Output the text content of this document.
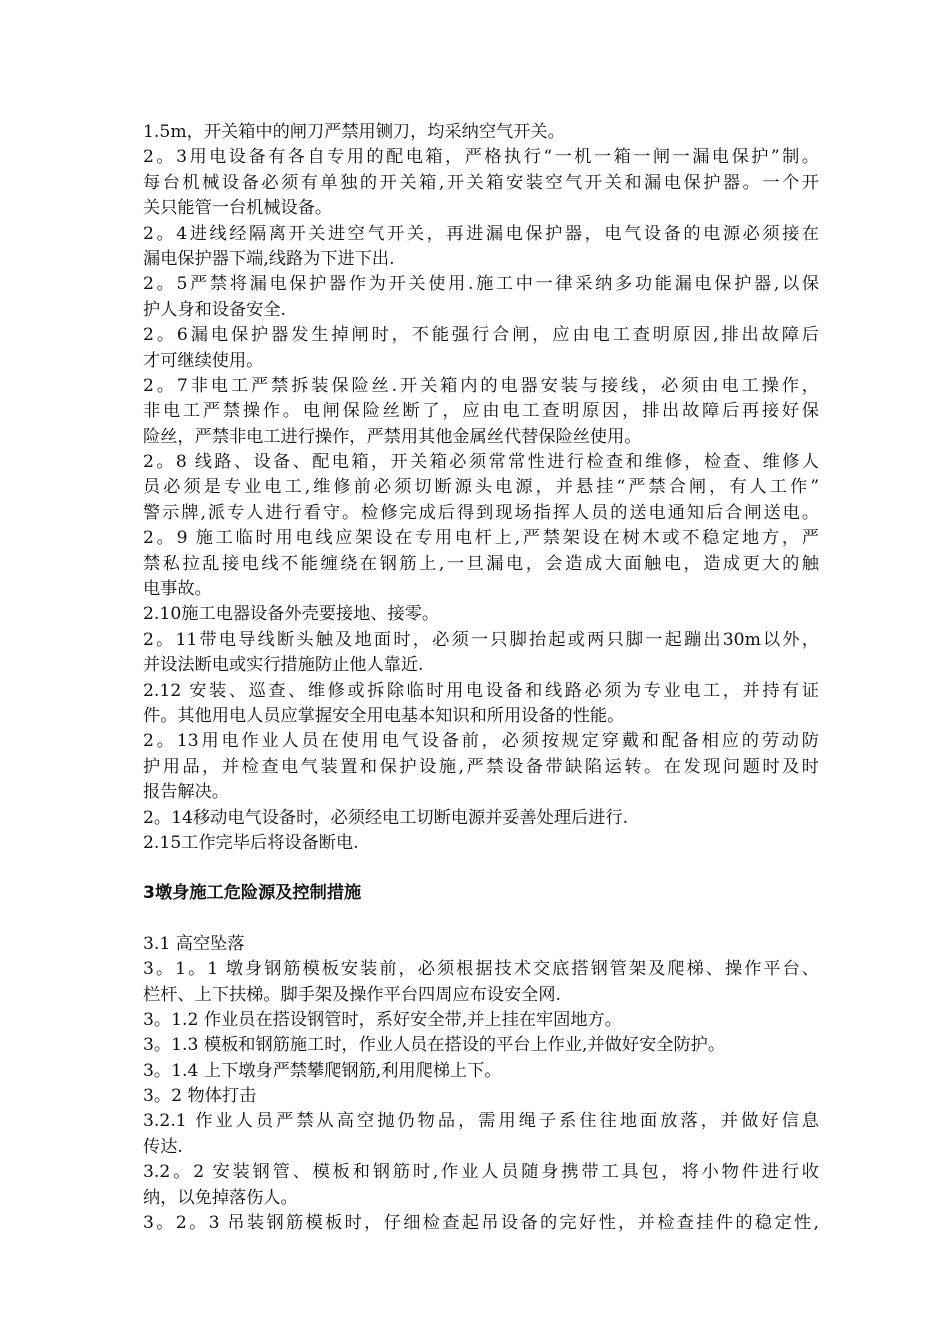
1.5m，开关箱中的闸刀严禁用铡刀，均采纳空气开关。
2。3用电设备有各自专用的配电箱，严格执行“一机一箱一闸一漏电保护”制。
每台机械设备必须有单独的开关箱,开关箱安装空气开关和漏电保护器。一个开
关只能管一台机械设备。
2。4进线经隔离开关进空气开关，再进漏电保护器，电气设备的电源必须接在
漏电保护器下端,线路为下进下出.
2。5严禁将漏电保护器作为开关使用.施工中一律采纳多功能漏电保护器,以保
护人身和设备安全.
2。6漏电保护器发生掉闸时，不能强行合闸，应由电工查明原因,排出故障后
才可继续使用。
2。7非电工严禁拆装保险丝.开关箱内的电器安装与接线，必须由电工操作，
非电工严禁操作。电闸保险丝断了，应由电工查明原因，排出故障后再接好保
险丝，严禁非电工进行操作，严禁用其他金属丝代替保险丝使用。
2。8 线路、设备、配电箱，开关箱必须常常性进行检查和维修，检查、维修人
员必须是专业电工,维修前必须切断源头电源，并悬挂“严禁合闸，有人工作”
警示牌,派专人进行看守。检修完成后得到现场指挥人员的送电通知后合闸送电。
2。9 施工临时用电线应架设在专用电杆上,严禁架设在树木或不稳定地方，严
禁私拉乱接电线不能缠绕在钢筋上,一旦漏电，会造成大面触电，造成更大的触
电事故。
2.10施工电器设备外壳要接地、接零。
2。11带电导线断头触及地面时，必须一只脚抬起或两只脚一起蹦出30m以外，
并设法断电或实行措施防止他人靠近.
2.12 安装、巡查、维修或拆除临时用电设备和线路必须为专业电工，并持有证
件。其他用电人员应掌握安全用电基本知识和所用设备的性能。
2。13用电作业人员在使用电气设备前，必须按规定穿戴和配备相应的劳动防
护用品，并检查电气装置和保护设施,严禁设备带缺陷运转。在发现问题时及时
报告解决。
2。14移动电气设备时，必须经电工切断电源并妥善处理后进行.
2.15工作完毕后将设备断电.
3墩身施工危险源及控制措施
3.1 高空坠落
3。1。1 墩身钢筋模板安装前，必须根据技术交底搭钢管架及爬梯、操作平台、
栏杆、上下扶梯。脚手架及操作平台四周应布设安全网.
3。1.2 作业员在搭设钢管时，系好安全带,并上挂在牢固地方。
3。1.3 模板和钢筋施工时，作业人员在搭设的平台上作业,并做好安全防护。
3。1.4 上下墩身严禁攀爬钢筋,利用爬梯上下。
3。2 物体打击
3.2.1 作业人员严禁从高空抛仍物品，需用绳子系住往地面放落，并做好信息
传达.
3.2。2 安装钢管、模板和钢筋时,作业人员随身携带工具包，将小物件进行收
纳，以免掉落伤人。
3。2。3 吊装钢筋模板时，仔细检查起吊设备的完好性，并检查挂件的稳定性,
